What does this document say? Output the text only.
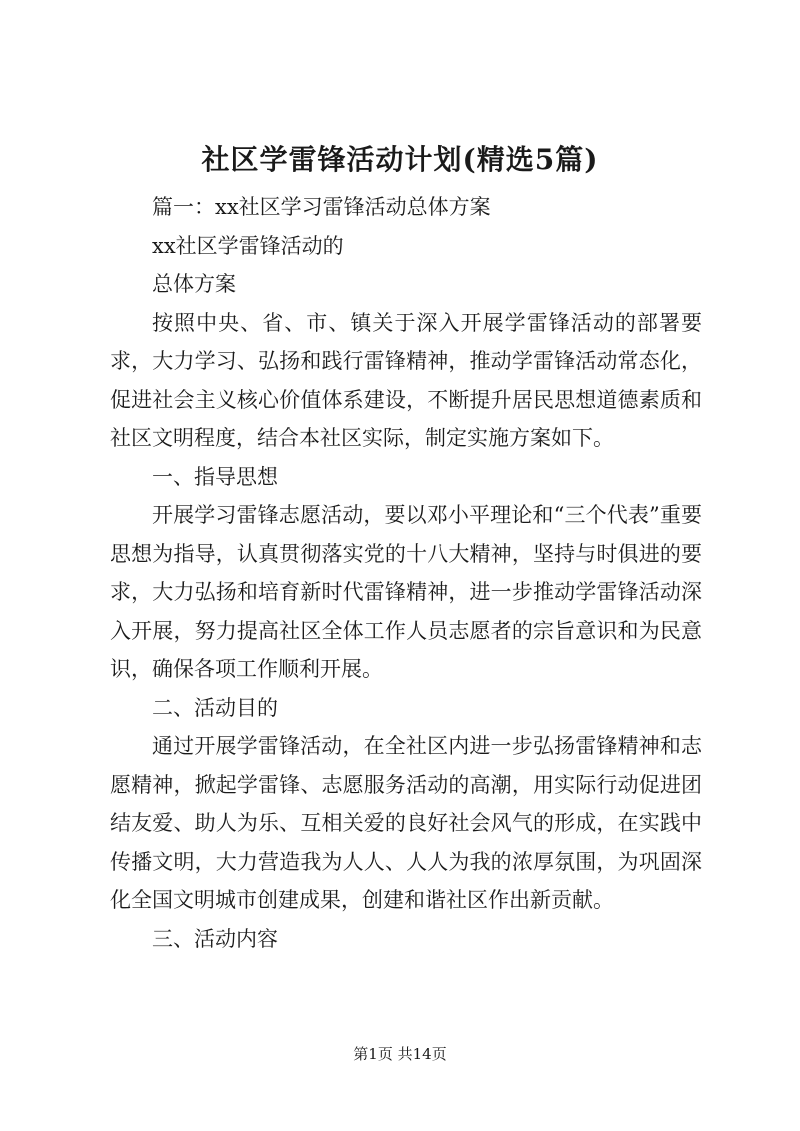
社区学雷锋活动计划(精选5篇)

篇一：xx社区学习雷锋活动总体方案

xx社区学雷锋活动的

总体方案

按照中央、省、市、镇关于深入开展学雷锋活动的部署要求，大力学习、弘扬和践行雷锋精神，推动学雷锋活动常态化，促进社会主义核心价值体系建设，不断提升居民思想道德素质和社区文明程度，结合本社区实际，制定实施方案如下。

一、指导思想

开展学习雷锋志愿活动，要以邓小平理论和“三个代表”重要思想为指导，认真贯彻落实党的十八大精神，坚持与时俱进的要求，大力弘扬和培育新时代雷锋精神，进一步推动学雷锋活动深入开展，努力提高社区全体工作人员志愿者的宗旨意识和为民意识，确保各项工作顺利开展。

二、活动目的

通过开展学雷锋活动，在全社区内进一步弘扬雷锋精神和志愿精神，掀起学雷锋、志愿服务活动的高潮，用实际行动促进团结友爱、助人为乐、互相关爱的良好社会风气的形成，在实践中传播文明，大力营造我为人人、人人为我的浓厚氛围，为巩固深化全国文明城市创建成果，创建和谐社区作出新贡献。

三、活动内容

第1页 共14页
